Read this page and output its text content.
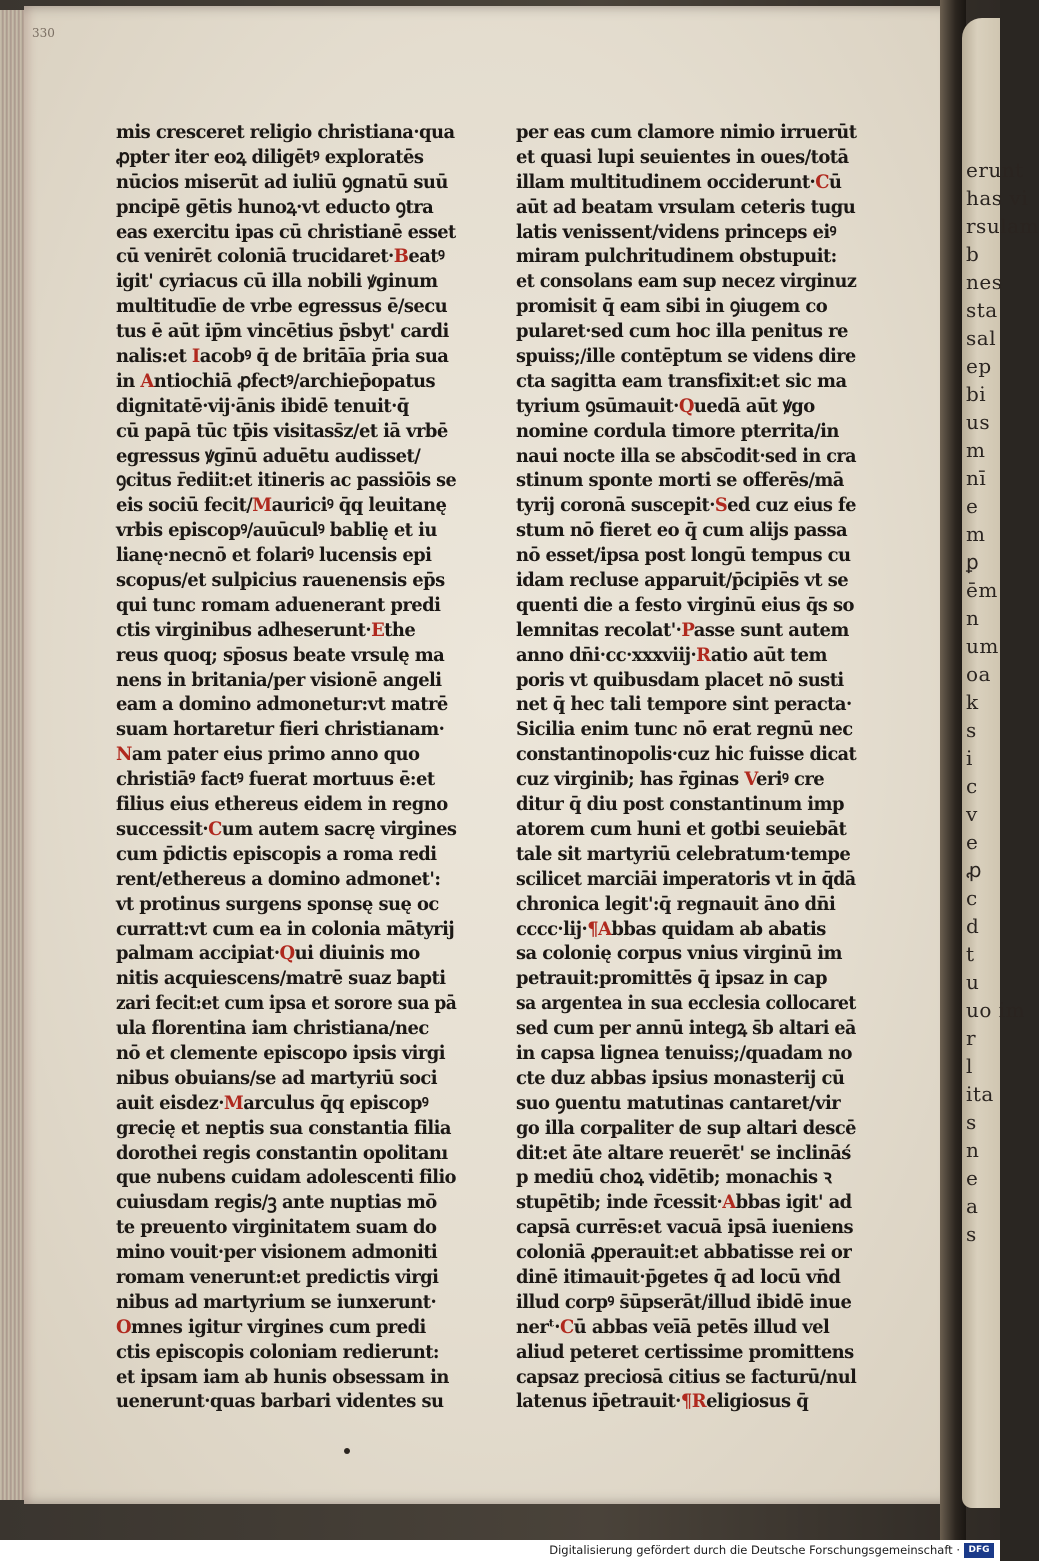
330
erunt
has vi
rsulam
b
nes
sta
sal
ep
bi
us
m
nī
e
m
ꝑ
ēm
n
um
oa
k
s
i
c
v
e
ꝓ
c
d
t
u
uo im
r
l
ita
s
n
e
a
s
mis cresceret religio christiana·qua
ꝓpter iter eoꝝ diligētꝰ exploratēs
nūcios miserūt ad iuliū ꝯgnatū suū
pncipē gētis hunoꝝ·vt educto ꝯtra
eas exercitu ipas cū christianē esset
cū venirēt coloniā trucidaret·Beatꝰ
igit' cyriacus cū illa nobili ꝟginum
multitudīe de vrbe egressus ē/secu
tus ē aūt ip̄m vincētius p̄sbyt' cardi
nalis:et Iacobꝰ q̄ de britāīa p̄ria sua
in Antiochiā ꝓfectꝰ/archiep̄opatus
dignitatē·vij·ānis ibidē tenuit·q̄
cū papā tūc tp̄is visitass̄z/et iā vrbē
egressus ꝟgīnū aduētu audisset/
ꝯcitus r̄ediit:et itineris ac passiōis se
eis sociū fecit/Mauriciꝰ q̄q leuitanę
vrbis episcopꝰ/auūculꝰ bablię et iu
lianę·necnō et folariꝰ lucensis epi
scopus/et sulpicius rauenensis ep̄s
qui tunc romam aduenerant predi
ctis virginibus adheserunt·Ethe
reus quoq; sp̄osus beate vrsulę ma
nens in britania/per visionē angeli
eam a domino admonetur:vt matrē
suam hortaretur fieri christianam·
Nam pater eius primo anno quo
christiāꝰ factꝰ fuerat mortuus ē:et
filius eius ethereus eidem in regno
successit·Cum autem sacrę virgines
cum p̄dictis episcopis a roma redi
rent/ethereus a domino admonet':
vt protinus surgens sponsę suę oc
curratt:vt cum ea in colonia mātyrij
palmam accipiat·Qui diuinis mo
nitis acquiescens/matrē suaz bapti
zari fecit:et cum ipsa et sorore sua pā
ula florentina iam christiana/nec
nō et clemente episcopo ipsis virgi
nibus obuians/se ad martyriū soci
auit eisdez·Marculus q̄q episcopꝰ
grecię et neptis sua constantia filia
dorothei regis constantin opolitanı
que nubens cuidam adolescenti filio
cuiusdam regis/ꝫ ante nuptias mō
te preuento virginitatem suam do
mino vouit·per visionem admoniti
romam venerunt:et predictis virgi
nibus ad martyrium se iunxerunt·
Omnes igitur virgines cum predi
ctis episcopis coloniam redierunt:
et ipsam iam ab hunis obsessam in
uenerunt·quas barbari videntes su
per eas cum clamore nimio irruerūt
et quasi lupi seuientes in oues/totā
illam multitudinem occiderunt·Cū
aūt ad beatam vrsulam ceteris tugu
latis venissent/videns princeps eiꝰ
miram pulchritudinem obstupuit:
et consolans eam sup necez virginuz
promisit q̄ eam sibi in ꝯiugem co
pularet·sed cum hoc illa penitus re
spuiss;/ille contēptum se videns dire
cta sagitta eam transfixit:et sic ma
tyrium ꝯsūmauit·Quedā aūt ꝟgo
nomine cordula timore pterrita/in
naui nocte illa se absc̄odit·sed in cra
stinum sponte morti se offerēs/mā
tyrij coronā suscepit·Sed cuz eius fe
stum nō fieret eo q̄ cum alijs passa
nō esset/ipsa post longū tempus cu
idam recluse apparuit/p̄cipiēs vt se
quenti die a festo virginū eius q̄s so
lemnitas recolat'·Passe sunt autem
anno dn̄i·cc·xxxviij·Ratio aūt tem
poris vt quibusdam placet nō susti
net q̄ hec tali tempore sint peracta·
Sicilia enim tunc nō erat regnū nec
constantinopolis·cuz hic fuisse dicat
cuz virginib; has r̄ginas Veriꝰ cre
ditur q̄ diu post constantinum imp
atorem cum huni et gotbi seuiebāt
tale sit martyriū celebratum·tempe
scilicet marciāi imperatoris vt in q̄dā
chronica legit':q̄ regnauit āno dn̄i
cccc·lij·¶Abbas quidam ab abatis
sa colonię corpus vnius virginū im
petrauit:promittēs q̄ ipsaz in cap
sa argentea in sua ecclesia collocaret
sed cum per annū integꝝ s̄b altari eā
in capsa lignea tenuiss;/quadam no
cte duz abbas ipsius monasterij cū
suo ꝯuentu matutinas cantaret/vir
go illa corpaliter de sup altari descē
dit:et āte altare reuerēt' se inclināś
p mediū choꝝ vidētib; monachis ꝛ
stupētib; inde r̄cessit·Abbas igit' ad
capsā currēs:et vacuā ipsā iueniens
coloniā ꝓperauit:et abbatisse rei or
dinē itimauit·p̄getes q̄ ad locū vn̄d
illud corpꝰ s̄ūpserāt/illud ibidē inue
nerᵗ·Cū abbas veīā petēs illud vel
aliud peteret certissime promittens
capsaz preciosā citius se facturū/nul
latenus ip̄etrauit·¶Religiosus q̄
Digitalisierung gefördert durch die Deutsche Forschungsgemeinschaft · DFG
